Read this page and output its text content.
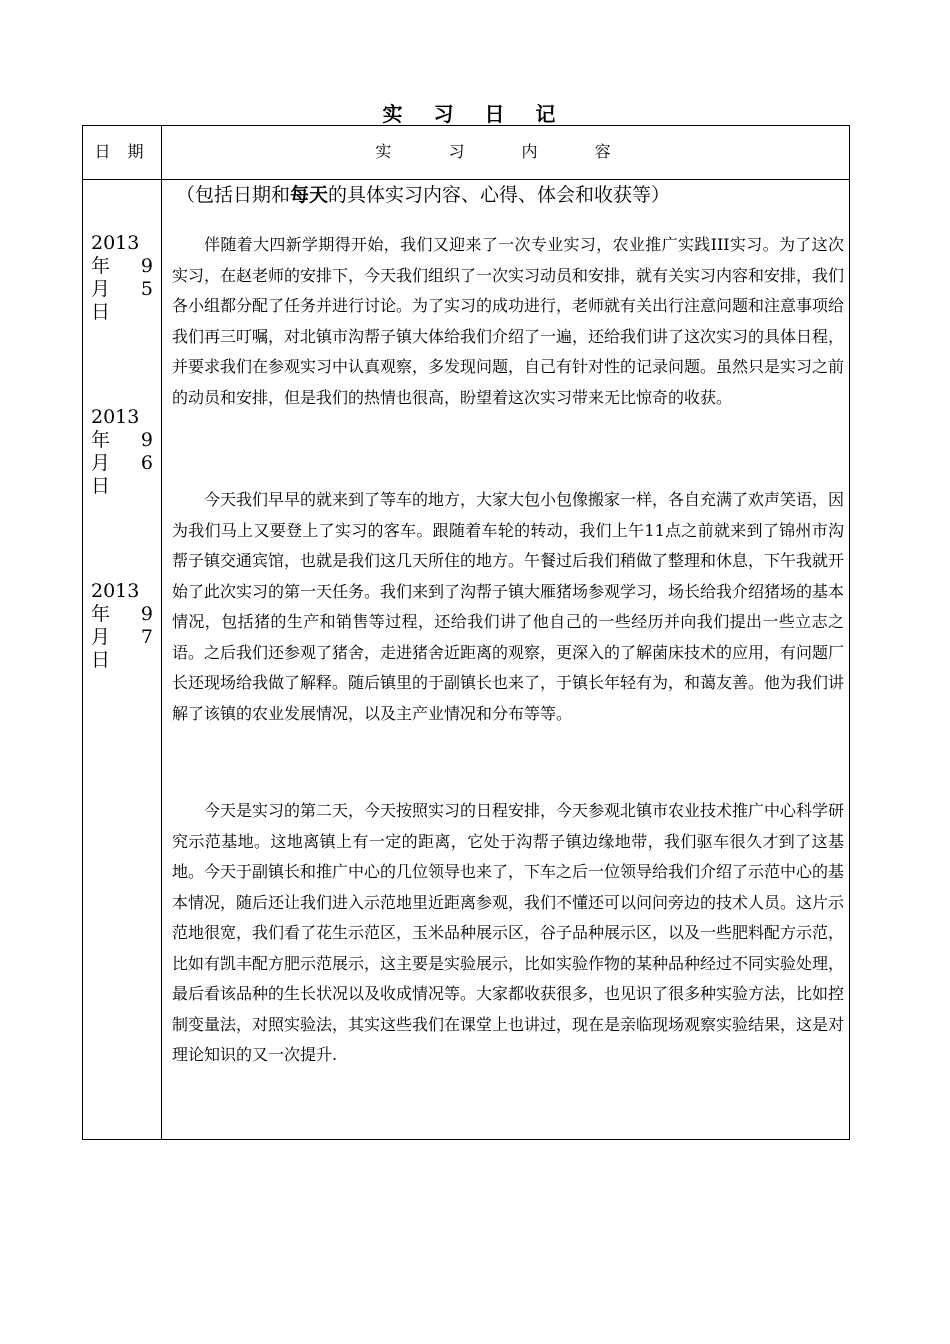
实 习 日 记
日 期	实 习 内 容
（包括日期和每天的具体实习内容、心得、体会和收获等）
2013
年 9
月 5
日
2013
年 9
月 6
日
2013
年 9
月 7
日

伴随着大四新学期得开始，我们又迎来了一次专业实习，农业推广实践III实习。为了这次实习，在赵老师的安排下，今天我们组织了一次实习动员和安排，就有关实习内容和安排，我们各小组都分配了任务并进行讨论。为了实习的成功进行，老师就有关出行注意问题和注意事项给我们再三叮嘱，对北镇市沟帮子镇大体给我们介绍了一遍，还给我们讲了这次实习的具体日程，并要求我们在参观实习中认真观察，多发现问题，自己有针对性的记录问题。虽然只是实习之前的动员和安排，但是我们的热情也很高，盼望着这次实习带来无比惊奇的收获。

今天我们早早的就来到了等车的地方，大家大包小包像搬家一样，各自充满了欢声笑语，因为我们马上又要登上了实习的客车。跟随着车轮的转动，我们上午11点之前就来到了锦州市沟帮子镇交通宾馆，也就是我们这几天所住的地方。午餐过后我们稍做了整理和休息，下午我就开始了此次实习的第一天任务。我们来到了沟帮子镇大雁猪场参观学习，场长给我介绍猪场的基本情况，包括猪的生产和销售等过程，还给我们讲了他自己的一些经历并向我们提出一些立志之语。之后我们还参观了猪舍，走进猪舍近距离的观察，更深入的了解菌床技术的应用，有问题厂长还现场给我做了解释。随后镇里的于副镇长也来了，于镇长年轻有为，和蔼友善。他为我们讲解了该镇的农业发展情况，以及主产业情况和分布等等。

今天是实习的第二天，今天按照实习的日程安排，今天参观北镇市农业技术推广中心科学研究示范基地。这地离镇上有一定的距离，它处于沟帮子镇边缘地带，我们驱车很久才到了这基地。今天于副镇长和推广中心的几位领导也来了，下车之后一位领导给我们介绍了示范中心的基本情况，随后还让我们进入示范地里近距离参观，我们不懂还可以问问旁边的技术人员。这片示范地很宽，我们看了花生示范区，玉米品种展示区，谷子品种展示区，以及一些肥料配方示范，比如有凯丰配方肥示范展示，这主要是实验展示，比如实验作物的某种品种经过不同实验处理，最后看该品种的生长状况以及收成情况等。大家都收获很多，也见识了很多种实验方法，比如控制变量法，对照实验法，其实这些我们在课堂上也讲过，现在是亲临现场观察实验结果，这是对理论知识的又一次提升.
